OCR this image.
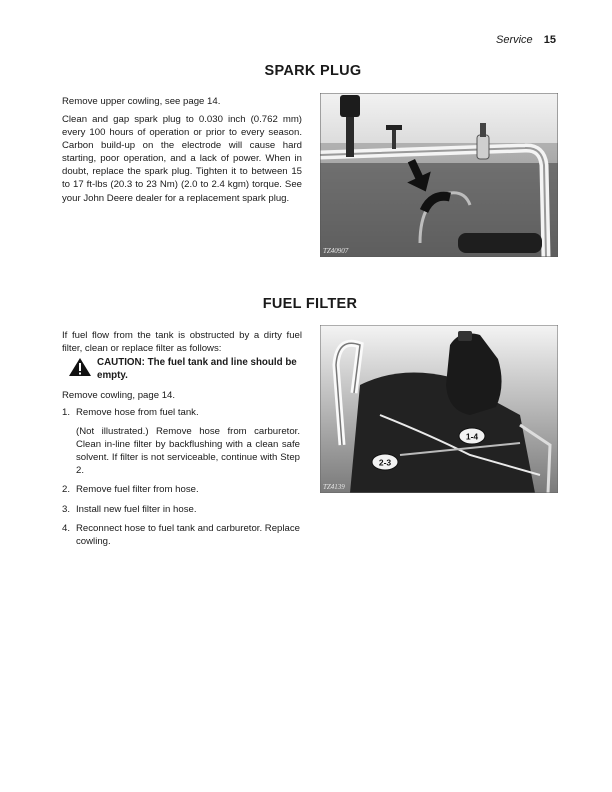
Service 15
SPARK PLUG

Remove upper cowling, see page 14.

Clean and gap spark plug to 0.030 inch (0.762 mm) every 100 hours of operation or prior to every season. Carbon build-up on the electrode will cause hard starting, poor operation, and a lack of power. When in doubt, replace the spark plug. Tighten it to between 15 to 17 ft-lbs (20.3 to 23 Nm) (2.0 to 2.4 kgm) torque. See your John Deere dealer for a replacement spark plug.

TZ40907
FUEL FILTER

If fuel flow from the tank is obstructed by a dirty fuel filter, clean or replace filter as follows:

CAUTION: The fuel tank and line should be empty.

Remove cowling, page 14.

1. Remove hose from fuel tank.
(Not illustrated.) Remove hose from carburetor. Clean in-line filter by backflushing with a clean safe solvent. If filter is not serviceable, continue with Step 2.
2. Remove fuel filter from hose.
3. Install new fuel filter in hose.
4. Reconnect hose to fuel tank and carburetor. Replace cowling.
1-4
2-3
TZ4139
